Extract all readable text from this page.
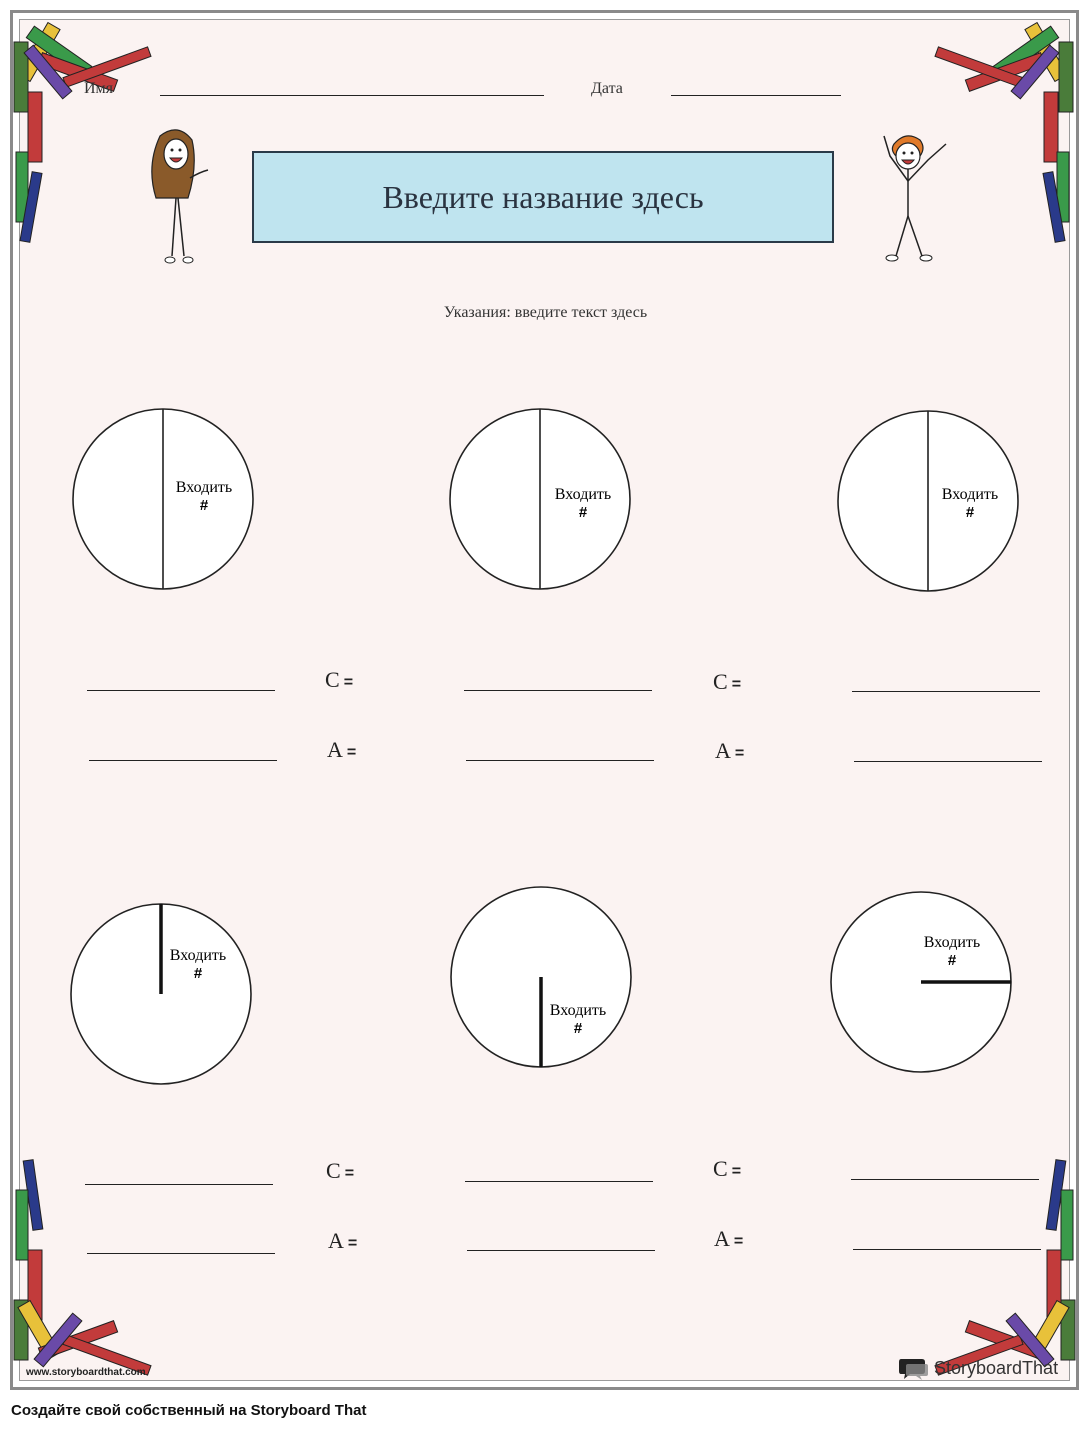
Имя	Дата
Введите название здесь
Указания: введите текст здесь
Входить
#
Входить
#
Входить
#
Входить
#
Входить
#
Входить
#
C =
A =
C =
A =
C =
A =
C =
A =
www.storyboardthat.com	StoryboardThat
Создайте свой собственный на Storyboard That
